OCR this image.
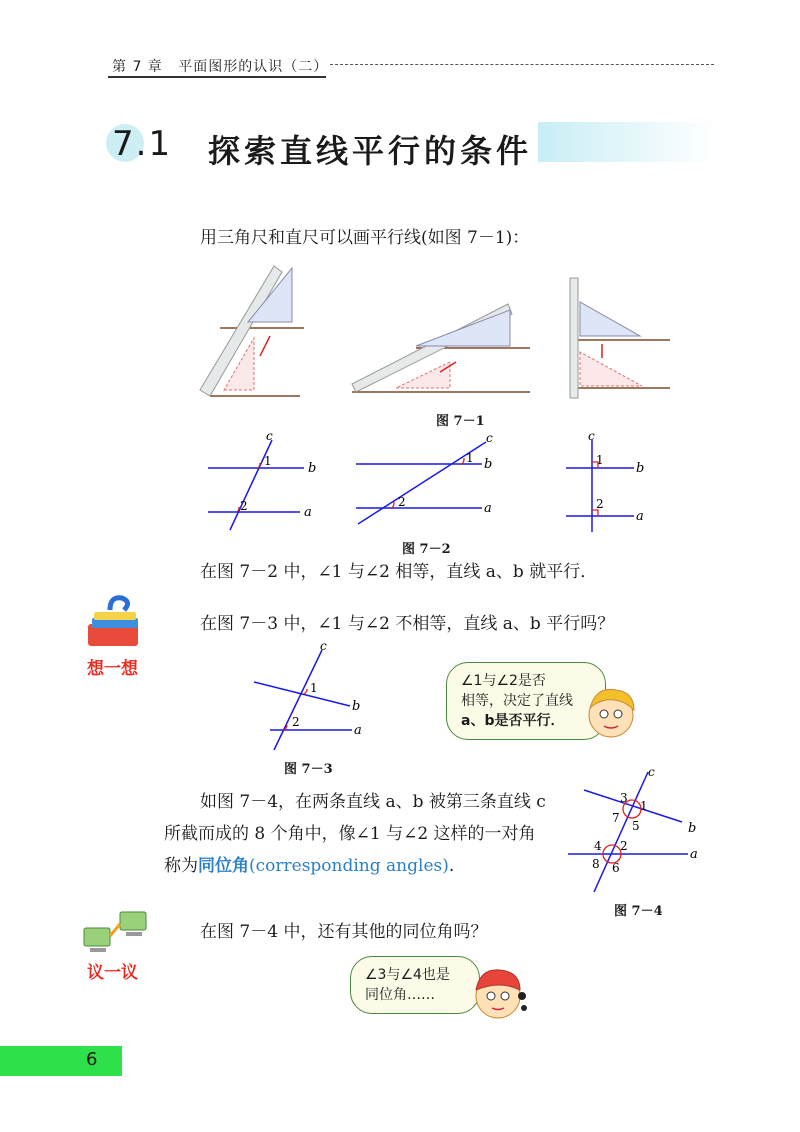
第 7 章 平面图形的认识（二）
7.1 探索直线平行的条件
用三角尺和直尺可以画平行线(如图 7－1)：
图 7－1
c
b
a
1
2
c
b
a
1
2
c
b
a
1
2
图 7－2
在图 7－2 中，∠1 与∠2 相等，直线 a、b 就平行．
想一想
在图 7－3 中，∠1 与∠2 不相等，直线 a、b 平行吗？
c
b
a
1
2
图 7－3
∠1与∠2是否
相等，决定了直线
a、b是否平行．
如图 7－4，在两条直线 a、b 被第三条直线 c
所截而成的 8 个角中，像∠1 与∠2 这样的一对角
称为同位角(corresponding angles).
c
b
a
3
1
7
5
4 2
8 6
图 7－4
议一议
在图 7－4 中，还有其他的同位角吗？
∠3与∠4也是
同位角……
6
